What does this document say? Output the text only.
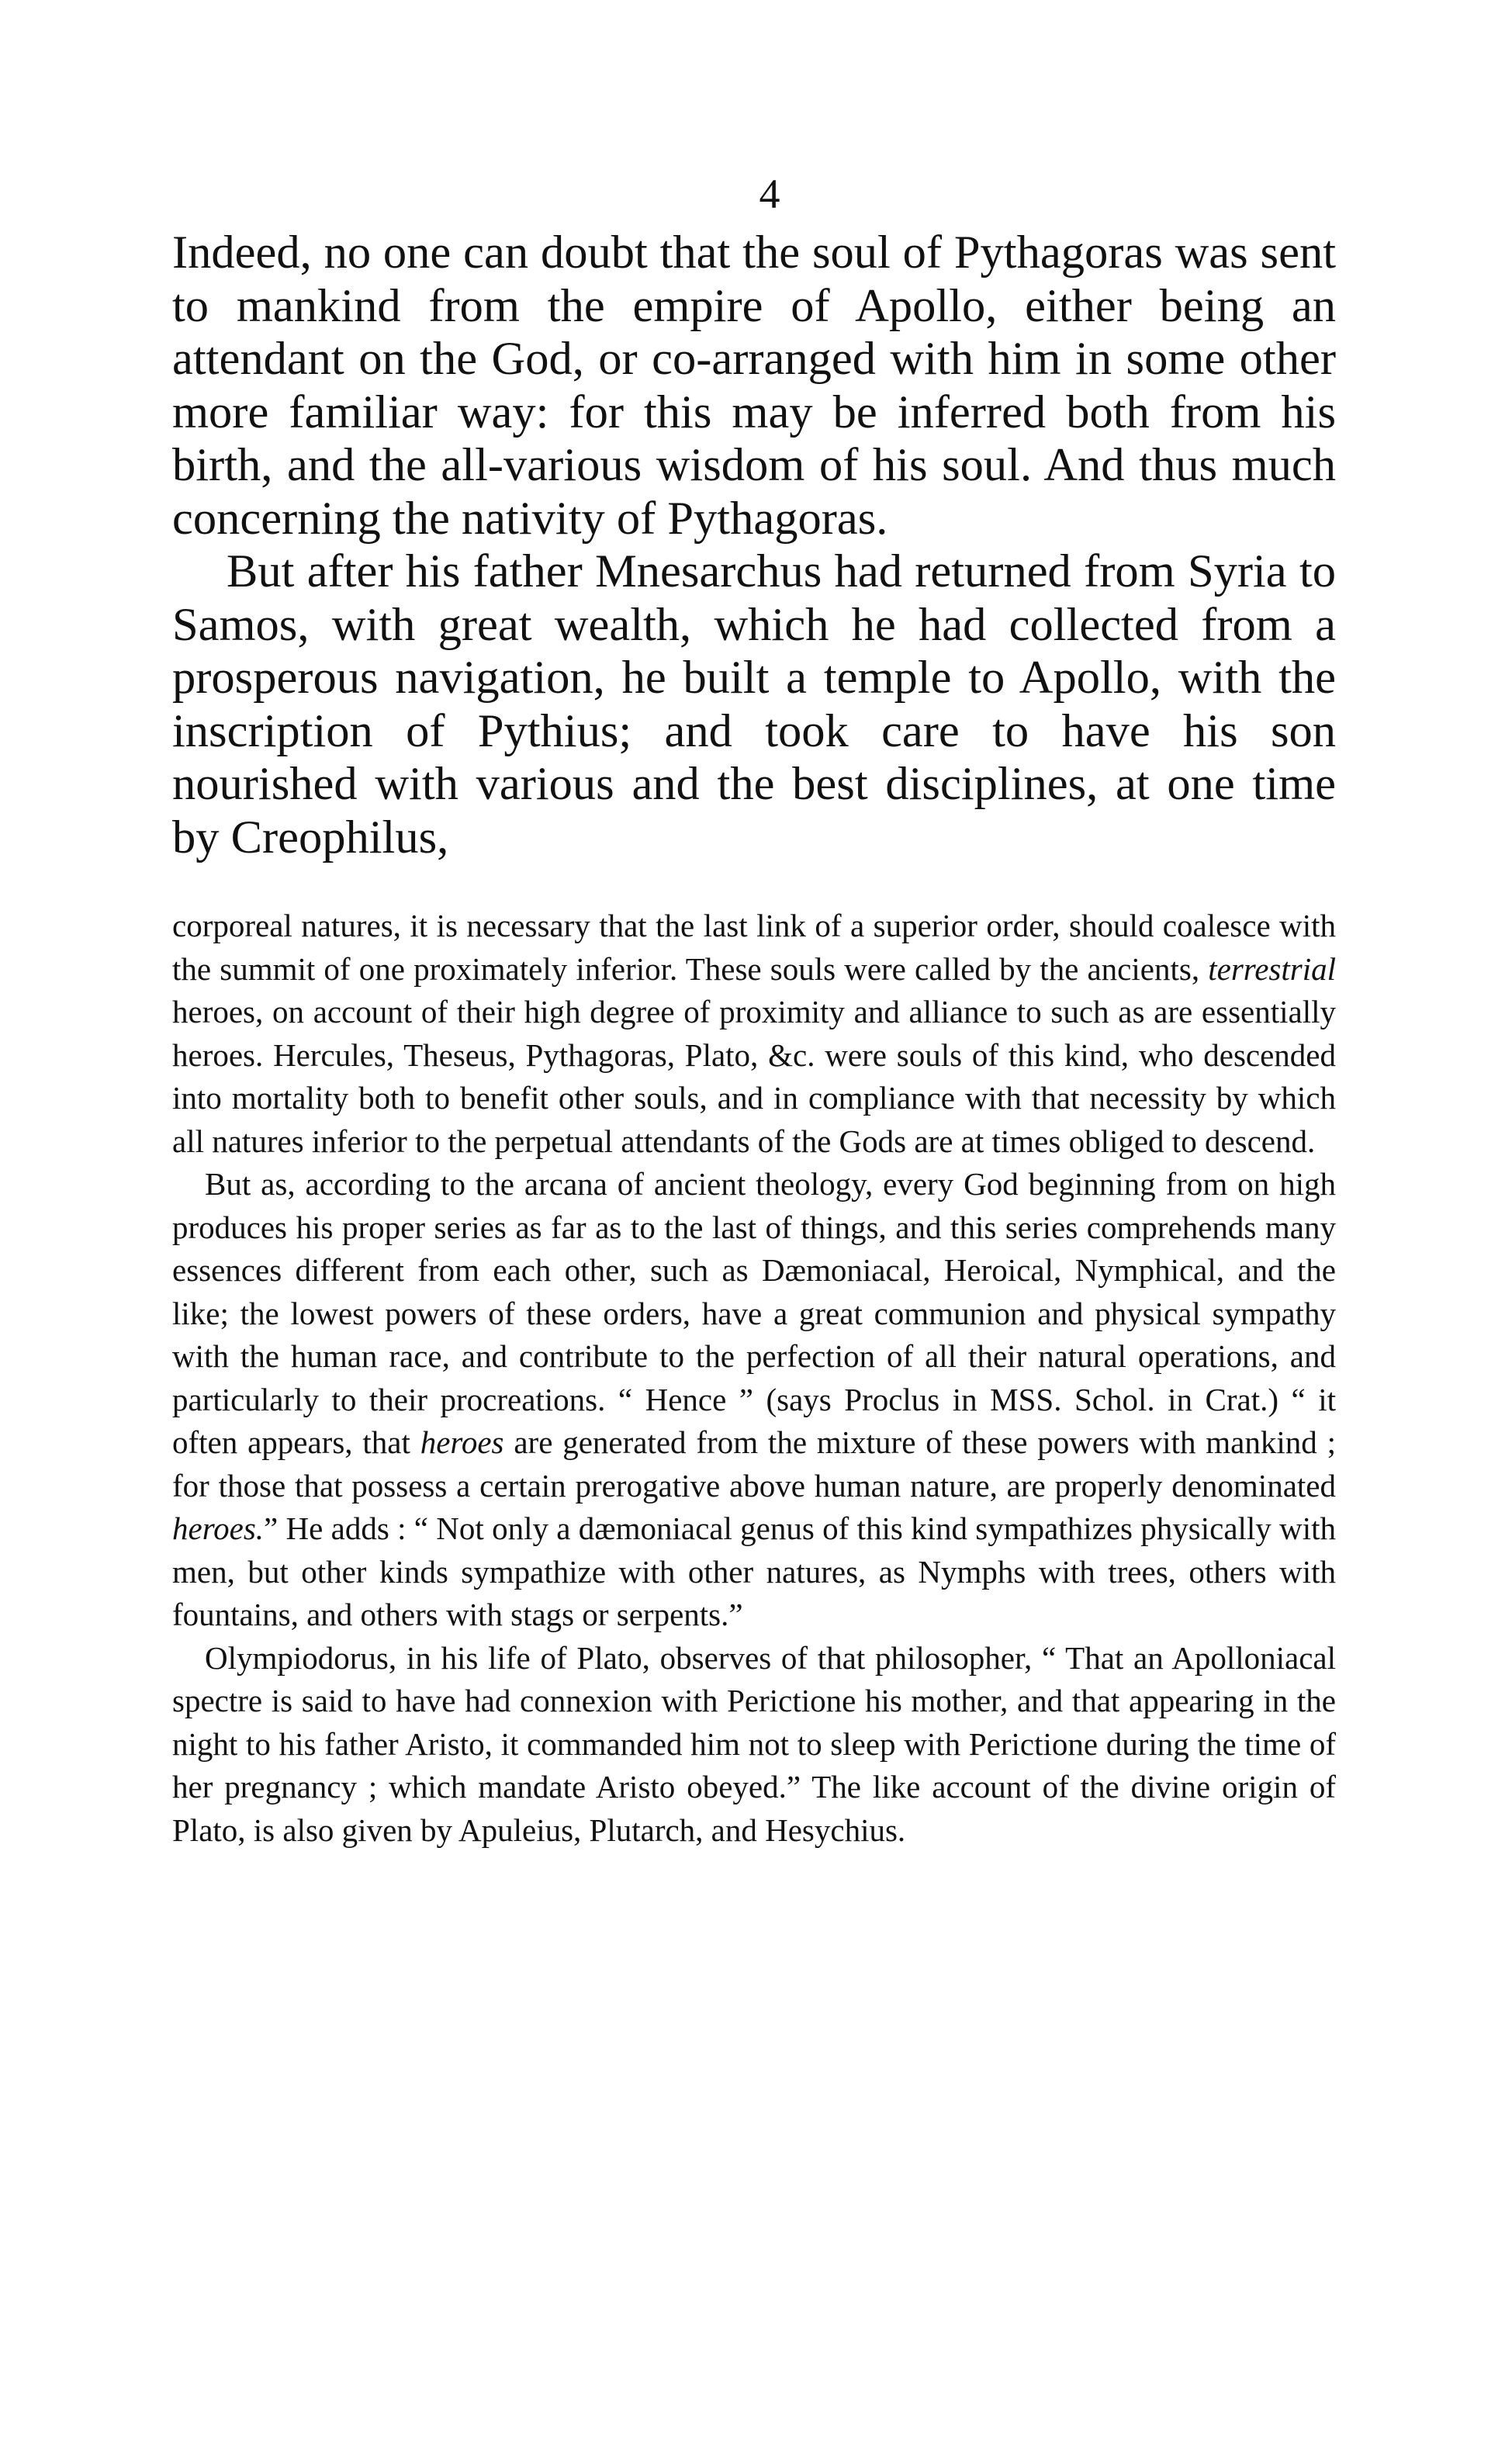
4

Indeed, no one can doubt that the soul of Pythagoras was sent to mankind from the empire of Apollo, either being an attendant on the God, or co-arranged with him in some other more familiar way: for this may be inferred both from his birth, and the all-various wisdom of his soul. And thus much concerning the nativity of Pythagoras.

But after his father Mnesarchus had returned from Syria to Samos, with great wealth, which he had collected from a prosperous navigation, he built a temple to Apollo, with the inscription of Pythius; and took care to have his son nourished with various and the best disciplines, at one time by Creophilus,

corporeal natures, it is necessary that the last link of a superior order, should coalesce with the summit of one proximately inferior. These souls were called by the ancients, terrestrial heroes, on account of their high degree of proximity and alliance to such as are essentially heroes. Hercules, Theseus, Pythagoras, Plato, &c. were souls of this kind, who descended into mortality both to benefit other souls, and in compliance with that necessity by which all natures inferior to the perpetual attendants of the Gods are at times obliged to descend.

But as, according to the arcana of ancient theology, every God beginning from on high produces his proper series as far as to the last of things, and this series comprehends many essences different from each other, such as Dæmoniacal, Heroical, Nymphical, and the like; the lowest powers of these orders, have a great communion and physical sympathy with the human race, and contribute to the perfection of all their natural operations, and particularly to their procreations. “ Hence ” (says Proclus in MSS. Schol. in Crat.) “ it often appears, that heroes are generated from the mixture of these powers with mankind ; for those that possess a certain prerogative above human nature, are properly denominated heroes.” He adds : “ Not only a dæmoniacal genus of this kind sympathizes physically with men, but other kinds sympathize with other natures, as Nymphs with trees, others with fountains, and others with stags or serpents.”

Olympiodorus, in his life of Plato, observes of that philosopher, “ That an Apolloniacal spectre is said to have had connexion with Perictione his mother, and that appearing in the night to his father Aristo, it commanded him not to sleep with Perictione during the time of her pregnancy ; which mandate Aristo obeyed.” The like account of the divine origin of Plato, is also given by Apuleius, Plutarch, and Hesychius.
